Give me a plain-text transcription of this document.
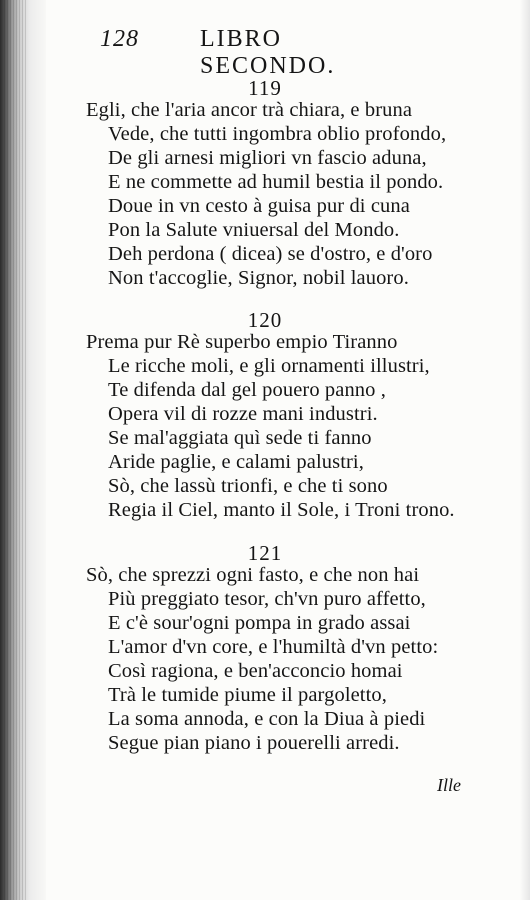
128	LIBRO SECONDO.
119
Egli, che l'aria ancor trà chiara, e bruna
Vede, che tutti ingombra oblio profondo,
De gli arnesi migliori vn fascio aduna,
E ne commette ad humil bestia il pondo.
Doue in vn cesto à guisa pur di cuna
Pon la Salute vniuersal del Mondo.
Deh perdona ( dicea) se d'ostro, e d'oro
Non t'accoglie, Signor, nobil lauoro.
120
Prema pur Rè superbo empio Tiranno
Le ricche moli, e gli ornamenti illustri,
Te difenda dal gel pouero panno ,
Opera vil di rozze mani industri.
Se mal'aggiata quì sede ti fanno
Aride paglie, e calami palustri,
Sò, che lassù trionfi, e che ti sono
Regia il Ciel, manto il Sole, i Troni trono.
121
Sò, che sprezzi ogni fasto, e che non hai
Più preggiato tesor, ch'vn puro affetto,
E c'è sour'ogni pompa in grado assai
L'amor d'vn core, e l'humiltà d'vn petto:
Così ragiona, e ben'acconcio homai
Trà le tumide piume il pargoletto,
La soma annoda, e con la Diua à piedi
Segue pian piano i pouerelli arredi.
Ille
